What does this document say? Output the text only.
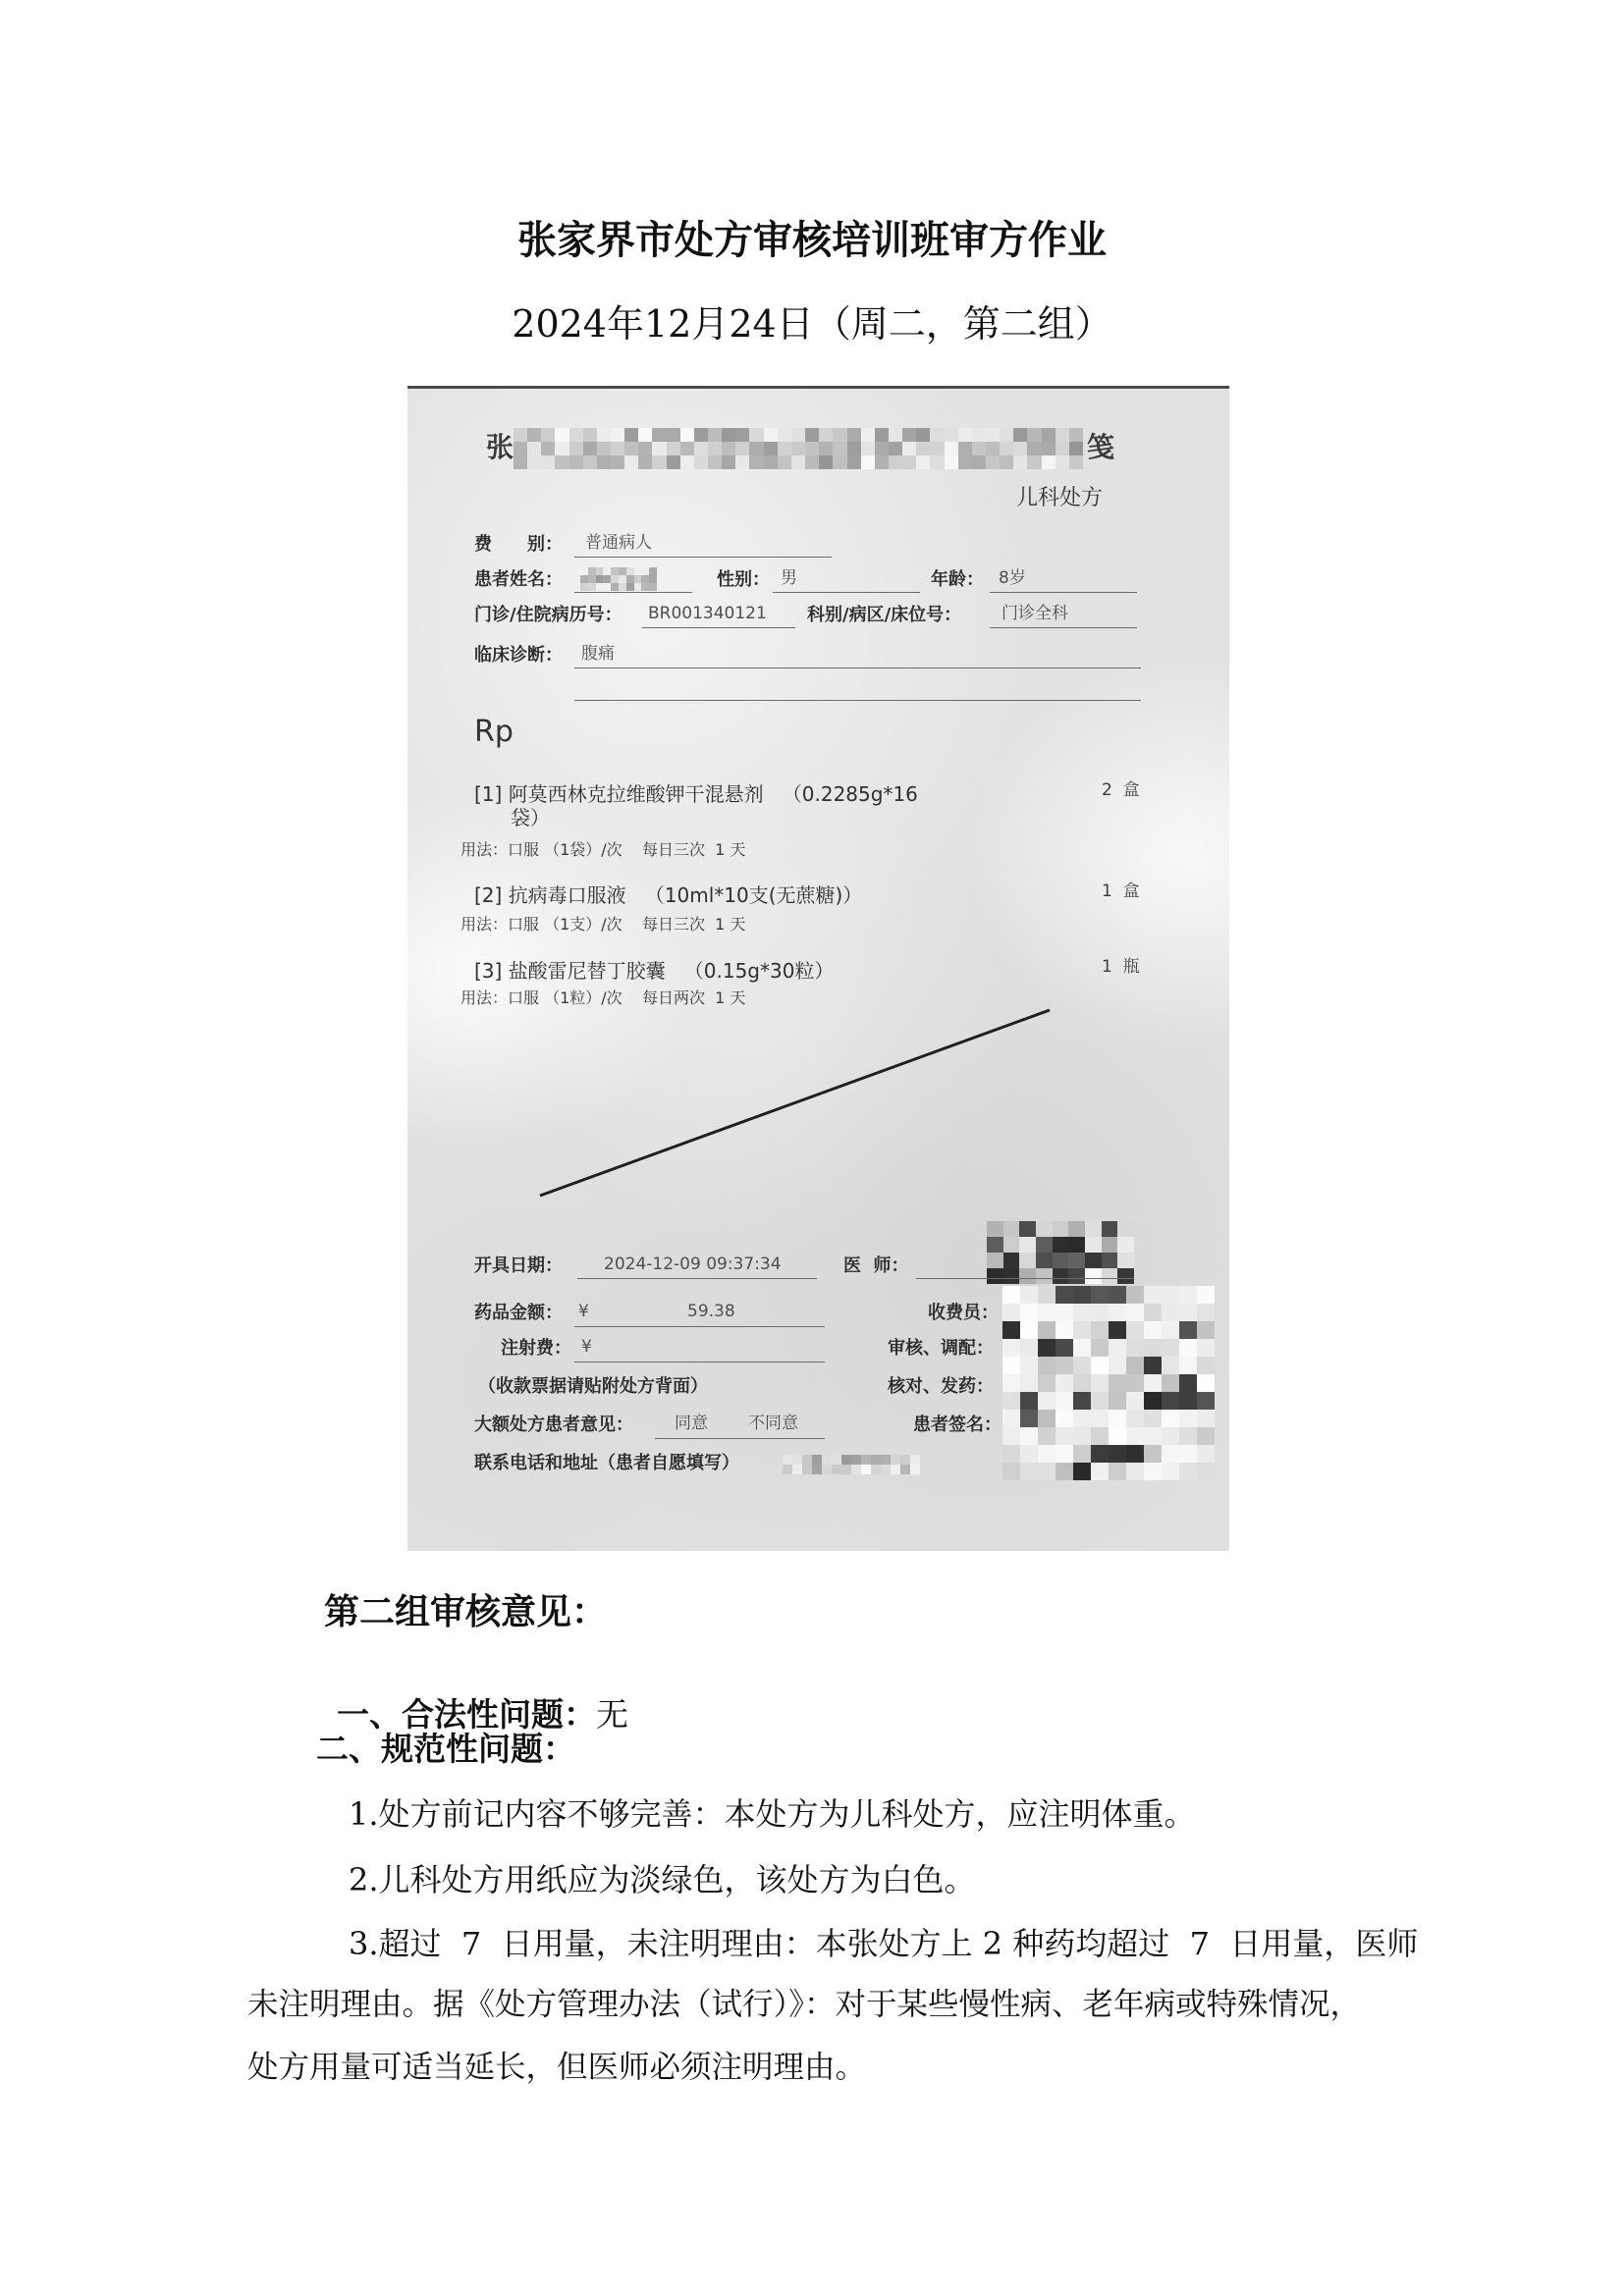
张家界市处方审核培训班审方作业
2024年12月24日（周二，第二组）
张	笺
儿科处方
费　　别： 普通病人
患者姓名：	性别： 男	年龄： 8岁
门诊/住院病历号： BR001340121 科别/病区/床位号： 门诊全科
临床诊断： 腹痛
Rp
[1] 阿莫西林克拉维酸钾干混悬剂   （0.2285g*16
袋）
2  盒
用法：口服 （1袋）/次    每日三次  1 天
[2] 抗病毒口服液   （10ml*10支(无蔗糖)）	1  盒
用法：口服 （1支）/次    每日三次  1 天
[3] 盐酸雷尼替丁胶囊   （0.15g*30粒）	1  瓶
用法：口服 （1粒）/次    每日两次  1 天
开具日期： 2024-12-09 09:37:34	医  师：
药品金额： ¥	59.38	收费员：
注射费： ¥	审核、调配：
（收款票据请贴附处方背面）	核对、发药：
大额处方患者意见： 同意 不同意	患者签名：
联系电话和地址（患者自愿填写）
第二组审核意见：

一、合法性问题：无

二、规范性问题：
1.处方前记内容不够完善：本处方为儿科处方，应注明体重。
2.儿科处方用纸应为淡绿色，该处方为白色。
3.超过  7  日用量，未注明理由：本张处方上 2 种药均超过  7  日用量，医师
未注明理由。据《处方管理办法（试行）》：对于某些慢性病、老年病或特殊情况，
处方用量可适当延长，但医师必须注明理由。
